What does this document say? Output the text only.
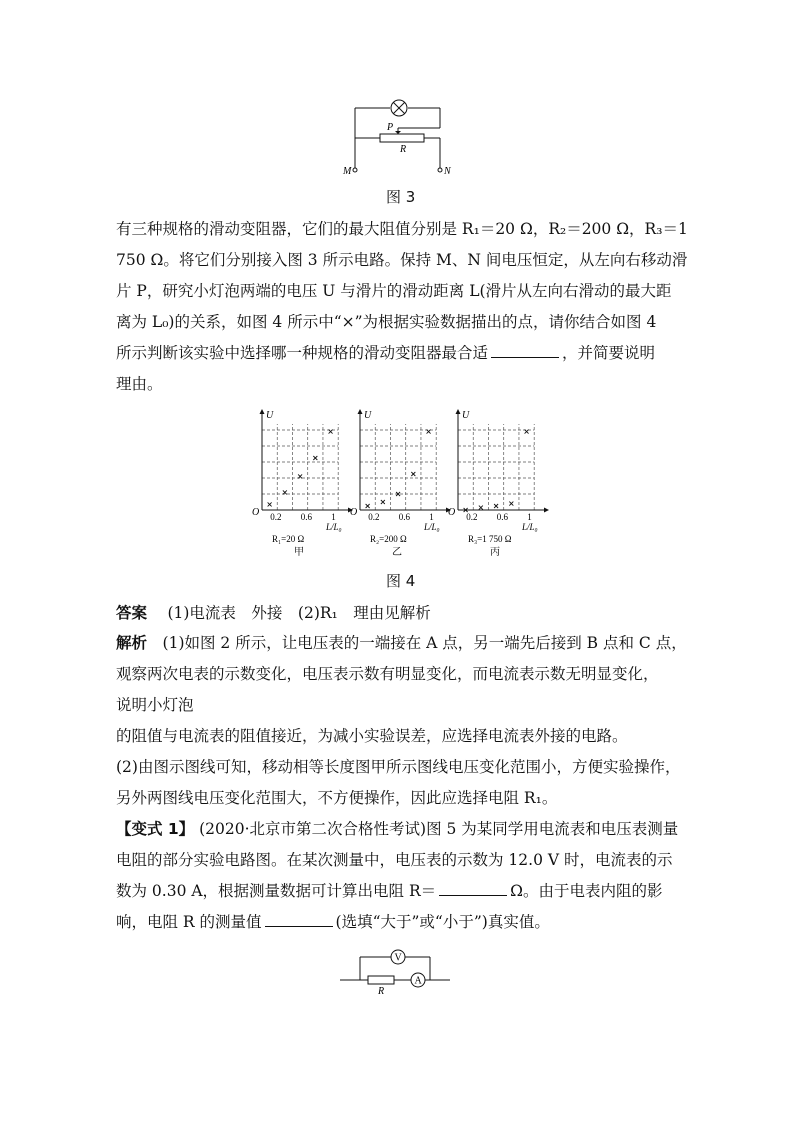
P
R
M	N
图 3
有三种规格的滑动变阻器，它们的最大阻值分别是 R₁＝20 Ω，R₂＝200 Ω，R₃＝1
750 Ω。将它们分别接入图 3 所示电路。保持 M、N 间电压恒定，从左向右移动滑
片 P，研究小灯泡两端的电压 U 与滑片的滑动距离 L(滑片从左向右滑动的最大距
离为 L₀)的关系，如图 4 所示中“×”为根据实验数据描出的点，请你结合如图 4
所示判断该实验中选择哪一种规格的滑动变阻器最合适	，并简要说明
理由。
U
O 0.2 0.6 1
L/L₀
R₁=20 Ω
甲
U
O 0.2 0.6 1
L/L₀
R₂=200 Ω
乙
U
O 0.2 0.6 1
L/L₀
R₃=1 750 Ω
丙
图 4
答案　 (1)电流表　外接　(2)R₁　理由见解析
解析　 (1)如图 2 所示，让电压表的一端接在 A 点，另一端先后接到 B 点和 C 点，
观察两次电表的示数变化，电压表示数有明显变化，而电流表示数无明显变化，
说明小灯泡
的阻值与电流表的阻值接近，为减小实验误差，应选择电流表外接的电路。
(2)由图示图线可知，移动相等长度图甲所示图线电压变化范围小，方便实验操作，
另外两图线电压变化范围大，不方便操作，因此应选择电阻 R₁。
【变式 1】 (2020·北京市第二次合格性考试)图 5 为某同学用电流表和电压表测量
电阻的部分实验电路图。在某次测量中，电压表的示数为 12.0 V 时，电流表的示
数为 0.30 A，根据测量数据可计算出电阻 R＝	Ω。由于电表内阻的影
响，电阻 R 的测量值	(选填“大于”或“小于”)真实值。
V
A
R
